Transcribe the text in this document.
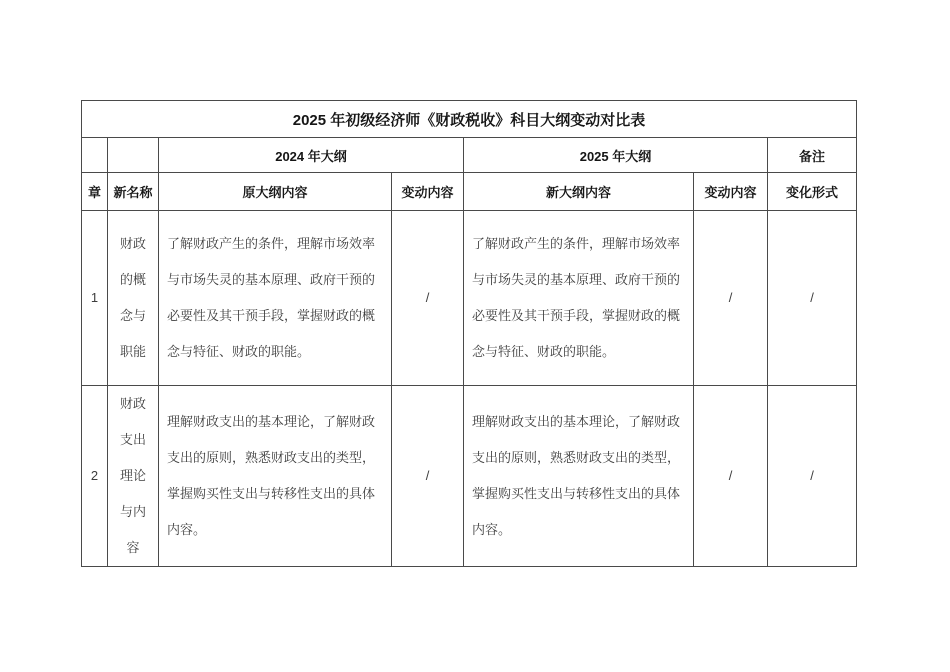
2025 年初级经济师《财政税收》科目大纲变动对比表						
		2024 年大纲		2025 年大纲		备注
章	新名称	原大纲内容	变动内容	新大纲内容	变动内容	变化形式
1	财政的概念与职能	了解财政产生的条件，理解市场效率与市场失灵的基本原理、政府干预的必要性及其干预手段，掌握财政的概念与特征、财政的职能。	/	了解财政产生的条件，理解市场效率与市场失灵的基本原理、政府干预的必要性及其干预手段，掌握财政的概念与特征、财政的职能。	/	/
2	财政支出理论与内容	理解财政支出的基本理论，了解财政支出的原则，熟悉财政支出的类型，掌握购买性支出与转移性支出的具体内容。	/	理解财政支出的基本理论，了解财政支出的原则，熟悉财政支出的类型，掌握购买性支出与转移性支出的具体内容。	/	/
